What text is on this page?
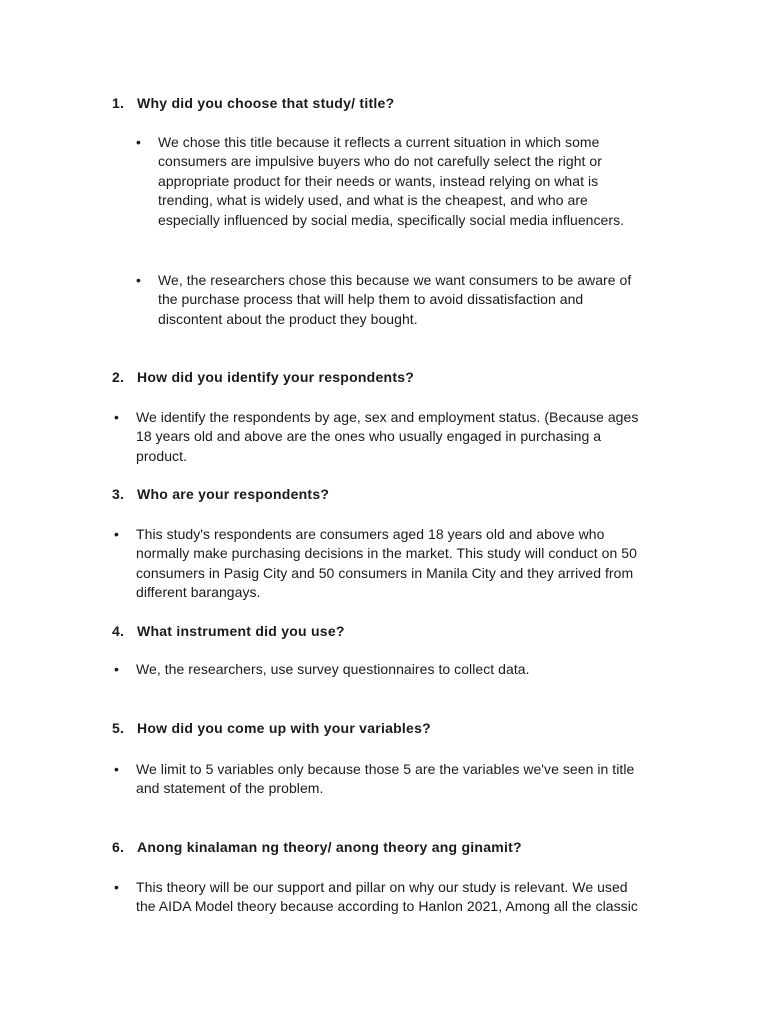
1. Why did you choose that study/ title?
• We chose this title because it reflects a current situation in which some
consumers are impulsive buyers who do not carefully select the right or
appropriate product for their needs or wants, instead relying on what is
trending, what is widely used, and what is the cheapest, and who are
especially influenced by social media, specifically social media influencers.
• We, the researchers chose this because we want consumers to be aware of
the purchase process that will help them to avoid dissatisfaction and
discontent about the product they bought.
2. How did you identify your respondents?
• We identify the respondents by age, sex and employment status. (Because ages
18 years old and above are the ones who usually engaged in purchasing a
product.
3. Who are your respondents?
• This study's respondents are consumers aged 18 years old and above who
normally make purchasing decisions in the market. This study will conduct on 50
consumers in Pasig City and 50 consumers in Manila City and they arrived from
different barangays.
4. What instrument did you use?
• We, the researchers, use survey questionnaires to collect data.
5. How did you come up with your variables?
• We limit to 5 variables only because those 5 are the variables we've seen in title
and statement of the problem.
6. Anong kinalaman ng theory/ anong theory ang ginamit?
• This theory will be our support and pillar on why our study is relevant. We used
the AIDA Model theory because according to Hanlon 2021, Among all the classic
